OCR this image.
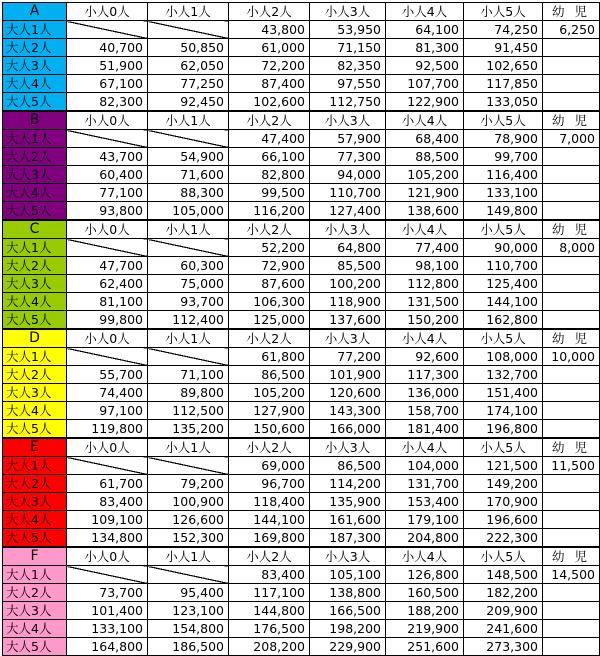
A	小人0人	小人1人	小人2人	小人3人	小人4人	小人5人	幼 児
大人1人			43,800	53,950	64,100	74,250	6,250
大人2人	40,700	50,850	61,000	71,150	81,300	91,450	
大人3人	51,900	62,050	72,200	82,350	92,500	102,650	
大人4人	67,100	77,250	87,400	97,550	107,700	117,850	
大人5人	82,300	92,450	102,600	112,750	122,900	133,050	
B	小人0人	小人1人	小人2人	小人3人	小人4人	小人5人	幼 児
大人1人			47,400	57,900	68,400	78,900	7,000
大人2人	43,700	54,900	66,100	77,300	88,500	99,700	
大人3人	60,400	71,600	82,800	94,000	105,200	116,400	
大人4人	77,100	88,300	99,500	110,700	121,900	133,100	
大人5人	93,800	105,000	116,200	127,400	138,600	149,800	
C	小人0人	小人1人	小人2人	小人3人	小人4人	小人5人	幼 児
大人1人			52,200	64,800	77,400	90,000	8,000
大人2人	47,700	60,300	72,900	85,500	98,100	110,700	
大人3人	62,400	75,000	87,600	100,200	112,800	125,400	
大人4人	81,100	93,700	106,300	118,900	131,500	144,100	
大人5人	99,800	112,400	125,000	137,600	150,200	162,800	
D	小人0人	小人1人	小人2人	小人3人	小人4人	小人5人	幼 児
大人1人			61,800	77,200	92,600	108,000	10,000
大人2人	55,700	71,100	86,500	101,900	117,300	132,700	
大人3人	74,400	89,800	105,200	120,600	136,000	151,400	
大人4人	97,100	112,500	127,900	143,300	158,700	174,100	
大人5人	119,800	135,200	150,600	166,000	181,400	196,800	
E	小人0人	小人1人	小人2人	小人3人	小人4人	小人5人	幼 児
大人1人			69,000	86,500	104,000	121,500	11,500
大人2人	61,700	79,200	96,700	114,200	131,700	149,200	
大人3人	83,400	100,900	118,400	135,900	153,400	170,900	
大人4人	109,100	126,600	144,100	161,600	179,100	196,600	
大人5人	134,800	152,300	169,800	187,300	204,800	222,300	
F	小人0人	小人1人	小人2人	小人3人	小人4人	小人5人	幼 児
大人1人			83,400	105,100	126,800	148,500	14,500
大人2人	73,700	95,400	117,100	138,800	160,500	182,200	
大人3人	101,400	123,100	144,800	166,500	188,200	209,900	
大人4人	133,100	154,800	176,500	198,200	219,900	241,600	
大人5人	164,800	186,500	208,200	229,900	251,600	273,300	
